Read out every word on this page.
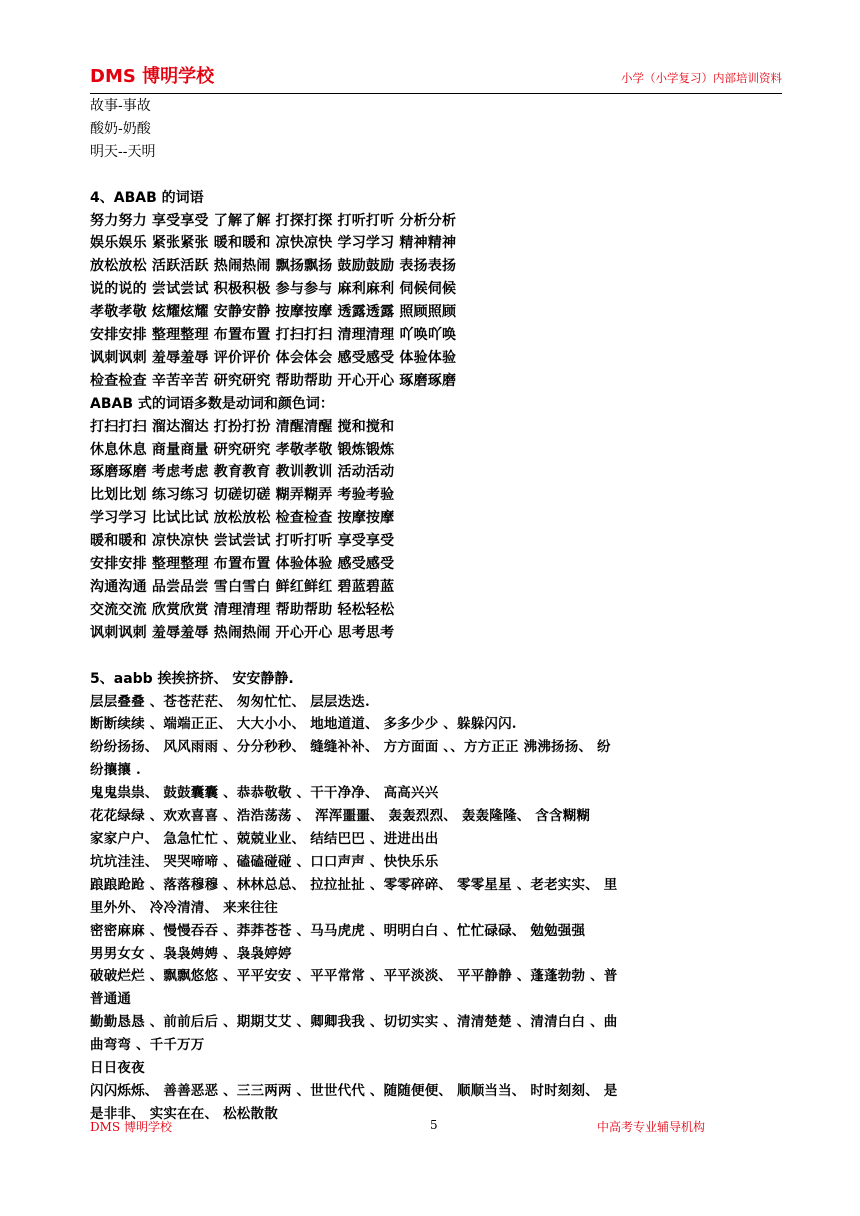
DMS 博明学校	小学（小学复习）内部培训资料
故事-事故
酸奶-奶酸
明天--天明
4、ABAB 的词语
努力努力 享受享受 了解了解 打探打探 打听打听 分析分析
娱乐娱乐 紧张紧张 暖和暖和 凉快凉快 学习学习 精神精神
放松放松 活跃活跃 热闹热闹 飘扬飘扬 鼓励鼓励 表扬表扬
说的说的 尝试尝试 积极积极 参与参与 麻利麻利 伺候伺候
孝敬孝敬 炫耀炫耀 安静安静 按摩按摩 透露透露 照顾照顾
安排安排 整理整理 布置布置 打扫打扫 清理清理 吖唤吖唤
讽刺讽刺 羞辱羞辱 评价评价 体会体会 感受感受 体验体验
检查检查 辛苦辛苦 研究研究 帮助帮助 开心开心 琢磨琢磨
ABAB 式的词语多数是动词和颜色词：
打扫打扫 溜达溜达 打扮打扮 清醒清醒 搅和搅和
休息休息 商量商量 研究研究 孝敬孝敬 锻炼锻炼
琢磨琢磨 考虑考虑 教育教育 教训教训 活动活动
比划比划 练习练习 切磋切磋 糊弄糊弄 考验考验
学习学习 比试比试 放松放松 检查检查 按摩按摩
暖和暖和 凉快凉快 尝试尝试 打听打听 享受享受
安排安排 整理整理 布置布置 体验体验 感受感受
沟通沟通 品尝品尝 雪白雪白 鲜红鲜红 碧蓝碧蓝
交流交流 欣赏欣赏 清理清理 帮助帮助 轻松轻松
讽刺讽刺 羞辱羞辱 热闹热闹 开心开心 思考思考
5、aabb 挨挨挤挤、 安安静静.
层层叠叠 、苍苍茫茫、 匆匆忙忙、 层层迭迭.
断断续续 、端端正正、 大大小小、 地地道道、 多多少少 、躲躲闪闪.
纷纷扬扬、 风风雨雨 、分分秒秒、 缝缝补补、 方方面面 、、方方正正 沸沸扬扬、 纷
纷攘攘 .
鬼鬼祟祟、 鼓鼓囊囊 、恭恭敬敬 、干干净净、 高高兴兴
花花绿绿 、欢欢喜喜 、浩浩荡荡 、 浑浑噩噩、 轰轰烈烈、 轰轰隆隆、 含含糊糊
家家户户、 急急忙忙 、兢兢业业、 结结巴巴 、进进出出
坑坑洼洼、 哭哭啼啼 、磕磕碰碰 、口口声声 、快快乐乐
踉踉跄跄 、落落穆穆 、林林总总、 拉拉扯扯 、零零碎碎、 零零星星 、老老实实、 里
里外外、 冷冷清清、 来来往往
密密麻麻 、慢慢吞吞 、莽莽苍苍 、马马虎虎 、明明白白 、忙忙碌碌、 勉勉强强
男男女女 、袅袅娉娉 、袅袅婷婷
破破烂烂 、飘飘悠悠 、平平安安 、平平常常 、平平淡淡、 平平静静 、蓬蓬勃勃 、普
普通通
勤勤恳恳 、前前后后 、期期艾艾 、卿卿我我 、切切实实 、清清楚楚 、清清白白 、曲
曲弯弯 、千千万万
日日夜夜
闪闪烁烁、 善善恶恶 、三三两两 、世世代代 、随随便便、 顺顺当当、 时时刻刻、 是
是非非、 实实在在、 松松散散
DMS 博明学校	5	中高考专业辅导机构
